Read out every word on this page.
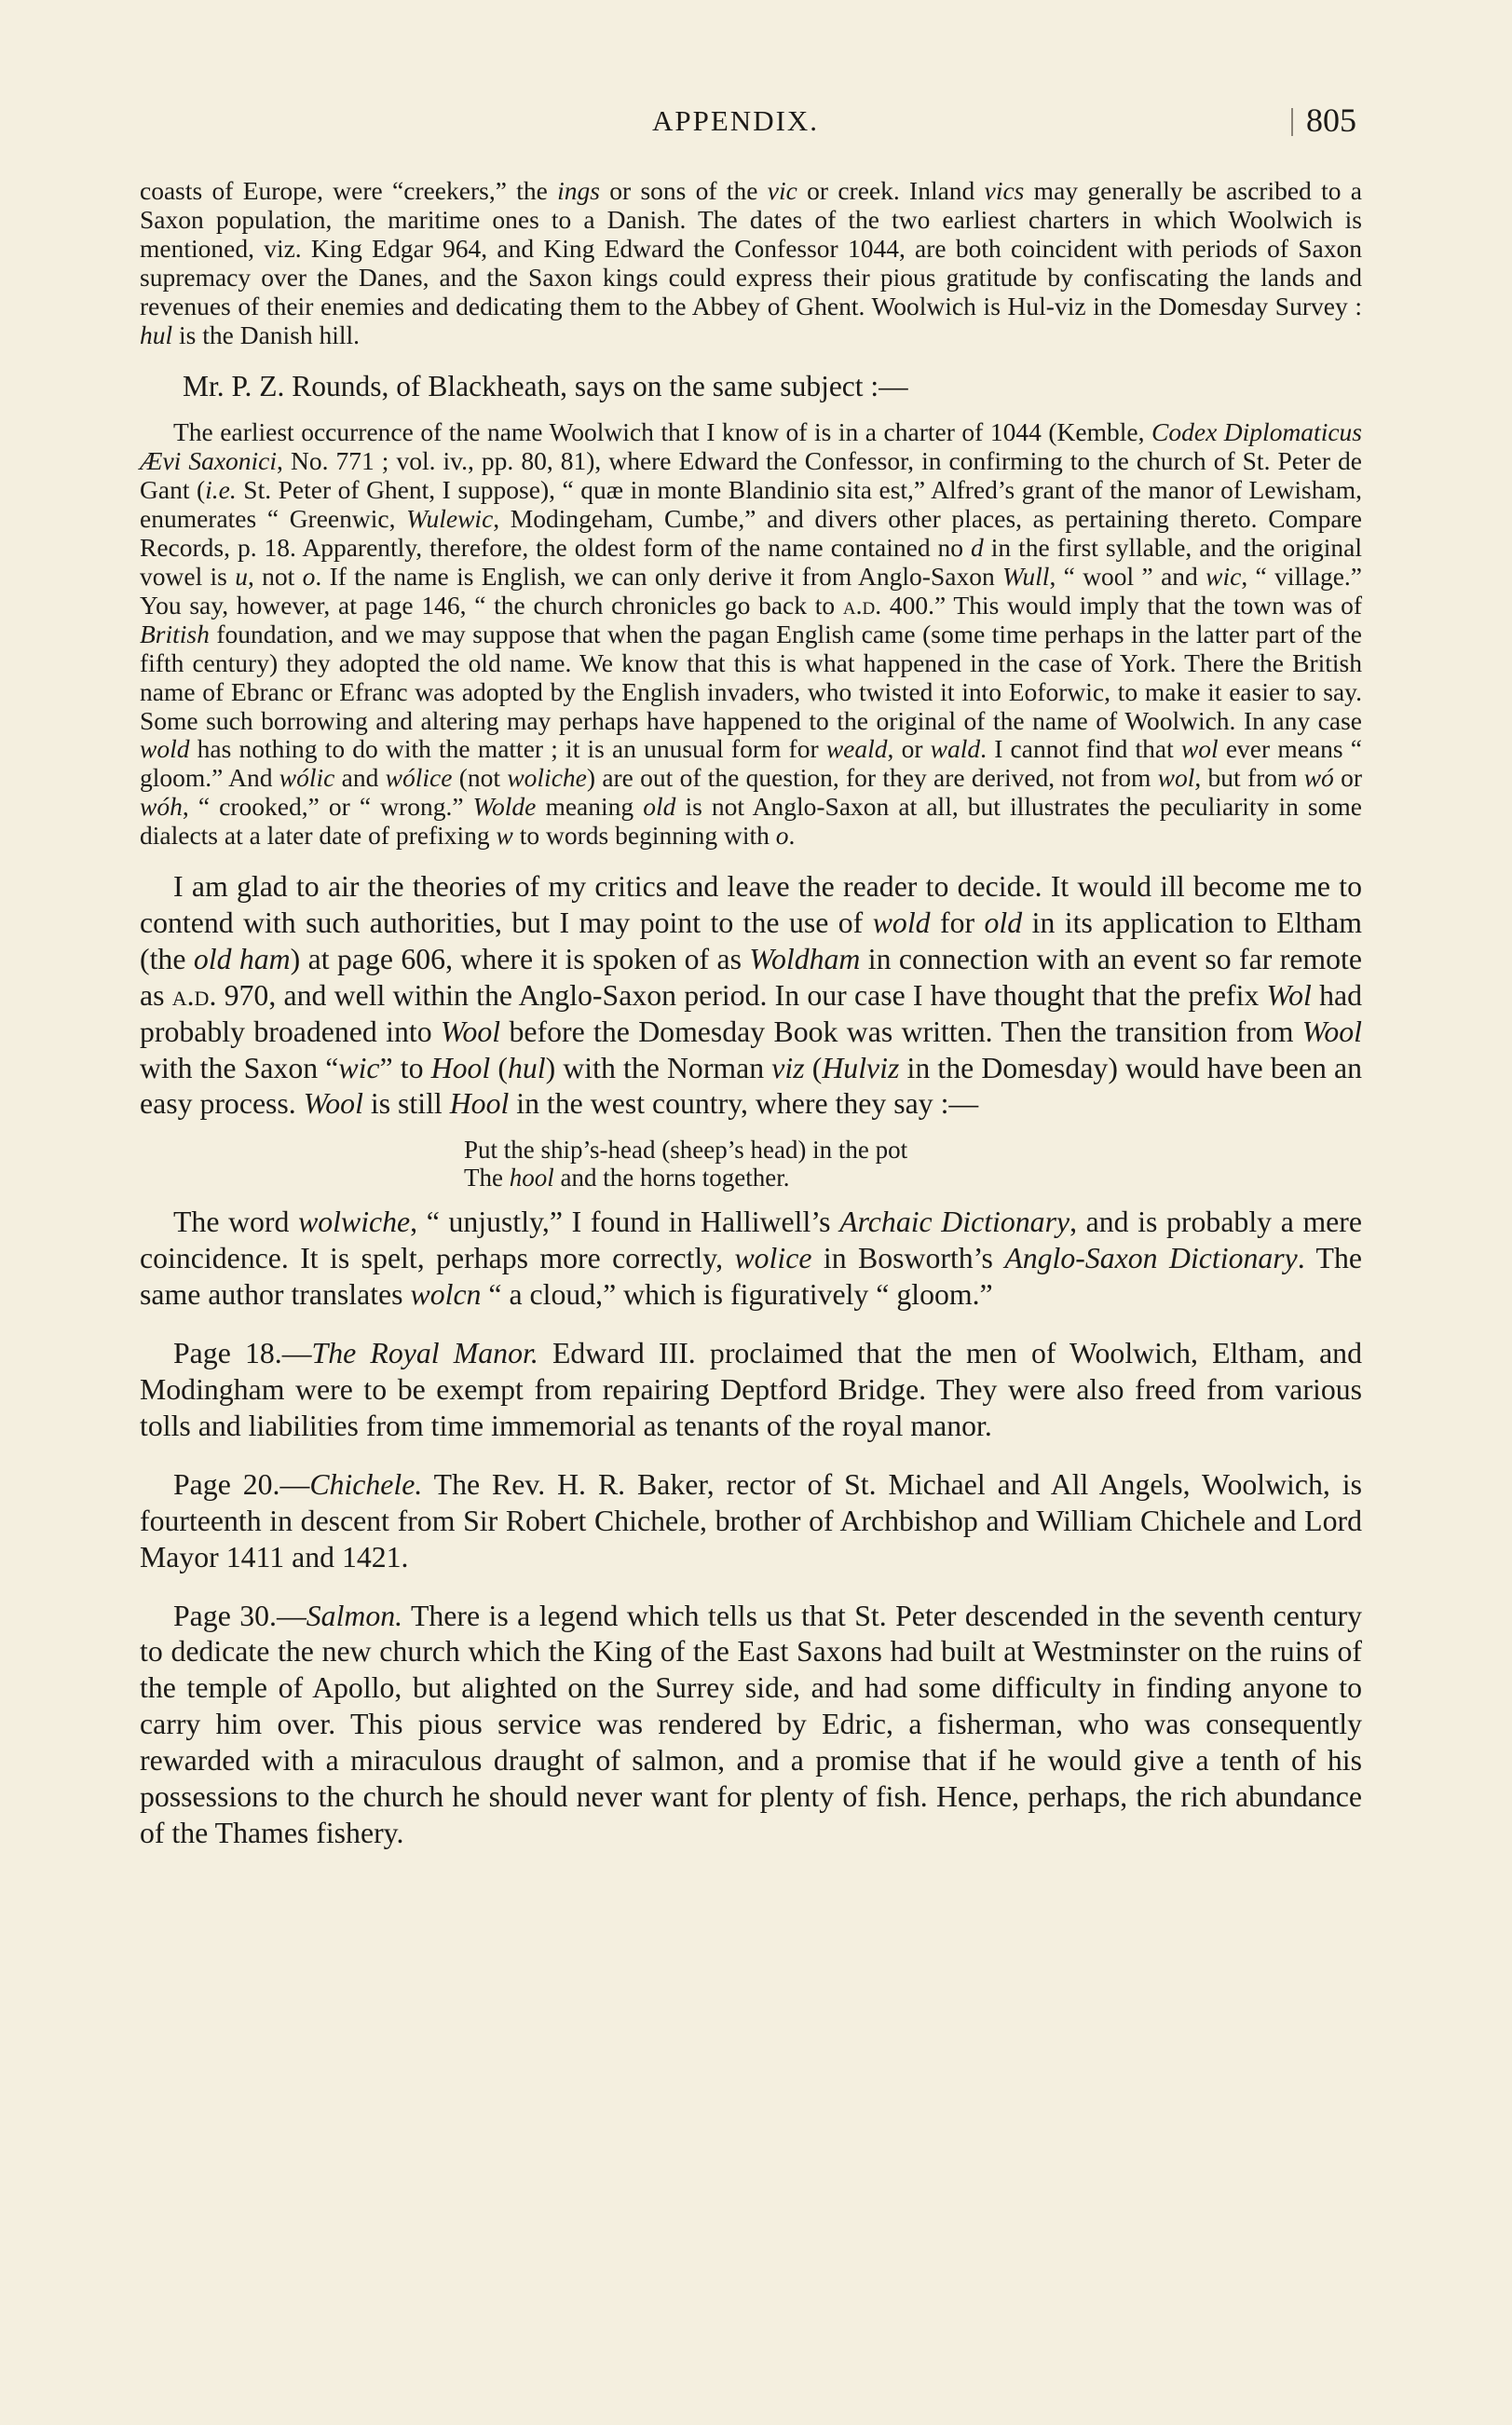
APPENDIX.	805

coasts of Europe, were “creekers,” the ings or sons of the vic or creek. Inland vics may generally be ascribed to a Saxon population, the maritime ones to a Danish. The dates of the two earliest charters in which Woolwich is mentioned, viz. King Edgar 964, and King Edward the Confessor 1044, are both coincident with periods of Saxon supremacy over the Danes, and the Saxon kings could express their pious gratitude by confiscating the lands and revenues of their enemies and dedicating them to the Abbey of Ghent. Woolwich is Hul-viz in the Domesday Survey : hul is the Danish hill.

Mr. P. Z. Rounds, of Blackheath, says on the same subject :—

The earliest occurrence of the name Woolwich that I know of is in a charter of 1044 (Kemble, Codex Diplomaticus Ævi Saxonici, No. 771 ; vol. iv., pp. 80, 81), where Edward the Confessor, in confirming to the church of St. Peter de Gant (i.e. St. Peter of Ghent, I suppose), “ quæ in monte Blandinio sita est,” Alfred’s grant of the manor of Lewisham, enumerates “ Greenwic, Wulewic, Modingeham, Cumbe,” and divers other places, as pertaining thereto. Compare Records, p. 18. Apparently, therefore, the oldest form of the name contained no d in the first syllable, and the original vowel is u, not o. If the name is English, we can only derive it from Anglo-Saxon Wull, “ wool ” and wic, “ village.” You say, however, at page 146, “ the church chronicles go back to a.d. 400.” This would imply that the town was of British foundation, and we may suppose that when the pagan English came (some time perhaps in the latter part of the fifth century) they adopted the old name. We know that this is what happened in the case of York. There the British name of Ebranc or Efranc was adopted by the English invaders, who twisted it into Eoforwic, to make it easier to say. Some such borrowing and altering may perhaps have happened to the original of the name of Woolwich. In any case wold has nothing to do with the matter ; it is an unusual form for weald, or wald. I cannot find that wol ever means “ gloom.” And wólic and wólice (not woliche) are out of the question, for they are derived, not from wol, but from wó or wóh, “ crooked,” or “ wrong.” Wolde meaning old is not Anglo-Saxon at all, but illustrates the peculiarity in some dialects at a later date of prefixing w to words beginning with o.

I am glad to air the theories of my critics and leave the reader to decide. It would ill become me to contend with such authorities, but I may point to the use of wold for old in its application to Eltham (the old ham) at page 606, where it is spoken of as Woldham in connection with an event so far remote as a.d. 970, and well within the Anglo-Saxon period. In our case I have thought that the prefix Wol had probably broadened into Wool before the Domesday Book was written. Then the transition from Wool with the Saxon “wic” to Hool (hul) with the Norman viz (Hulviz in the Domesday) would have been an easy process. Wool is still Hool in the west country, where they say :—

Put the ship’s-head (sheep’s head) in the pot
The hool and the horns together.

The word wolwiche, “ unjustly,” I found in Halliwell’s Archaic Dictionary, and is probably a mere coincidence. It is spelt, perhaps more correctly, wolice in Bosworth’s Anglo-Saxon Dictionary. The same author translates wolcn “ a cloud,” which is figuratively “ gloom.”

Page 18.—The Royal Manor. Edward III. proclaimed that the men of Woolwich, Eltham, and Modingham were to be exempt from repairing Deptford Bridge. They were also freed from various tolls and liabilities from time immemorial as tenants of the royal manor.

Page 20.—Chichele. The Rev. H. R. Baker, rector of St. Michael and All Angels, Woolwich, is fourteenth in descent from Sir Robert Chichele, brother of Archbishop and William Chichele and Lord Mayor 1411 and 1421.

Page 30.—Salmon. There is a legend which tells us that St. Peter descended in the seventh century to dedicate the new church which the King of the East Saxons had built at Westminster on the ruins of the temple of Apollo, but alighted on the Surrey side, and had some difficulty in finding anyone to carry him over. This pious service was rendered by Edric, a fisherman, who was consequently rewarded with a miraculous draught of salmon, and a promise that if he would give a tenth of his possessions to the church he should never want for plenty of fish. Hence, perhaps, the rich abundance of the Thames fishery.
